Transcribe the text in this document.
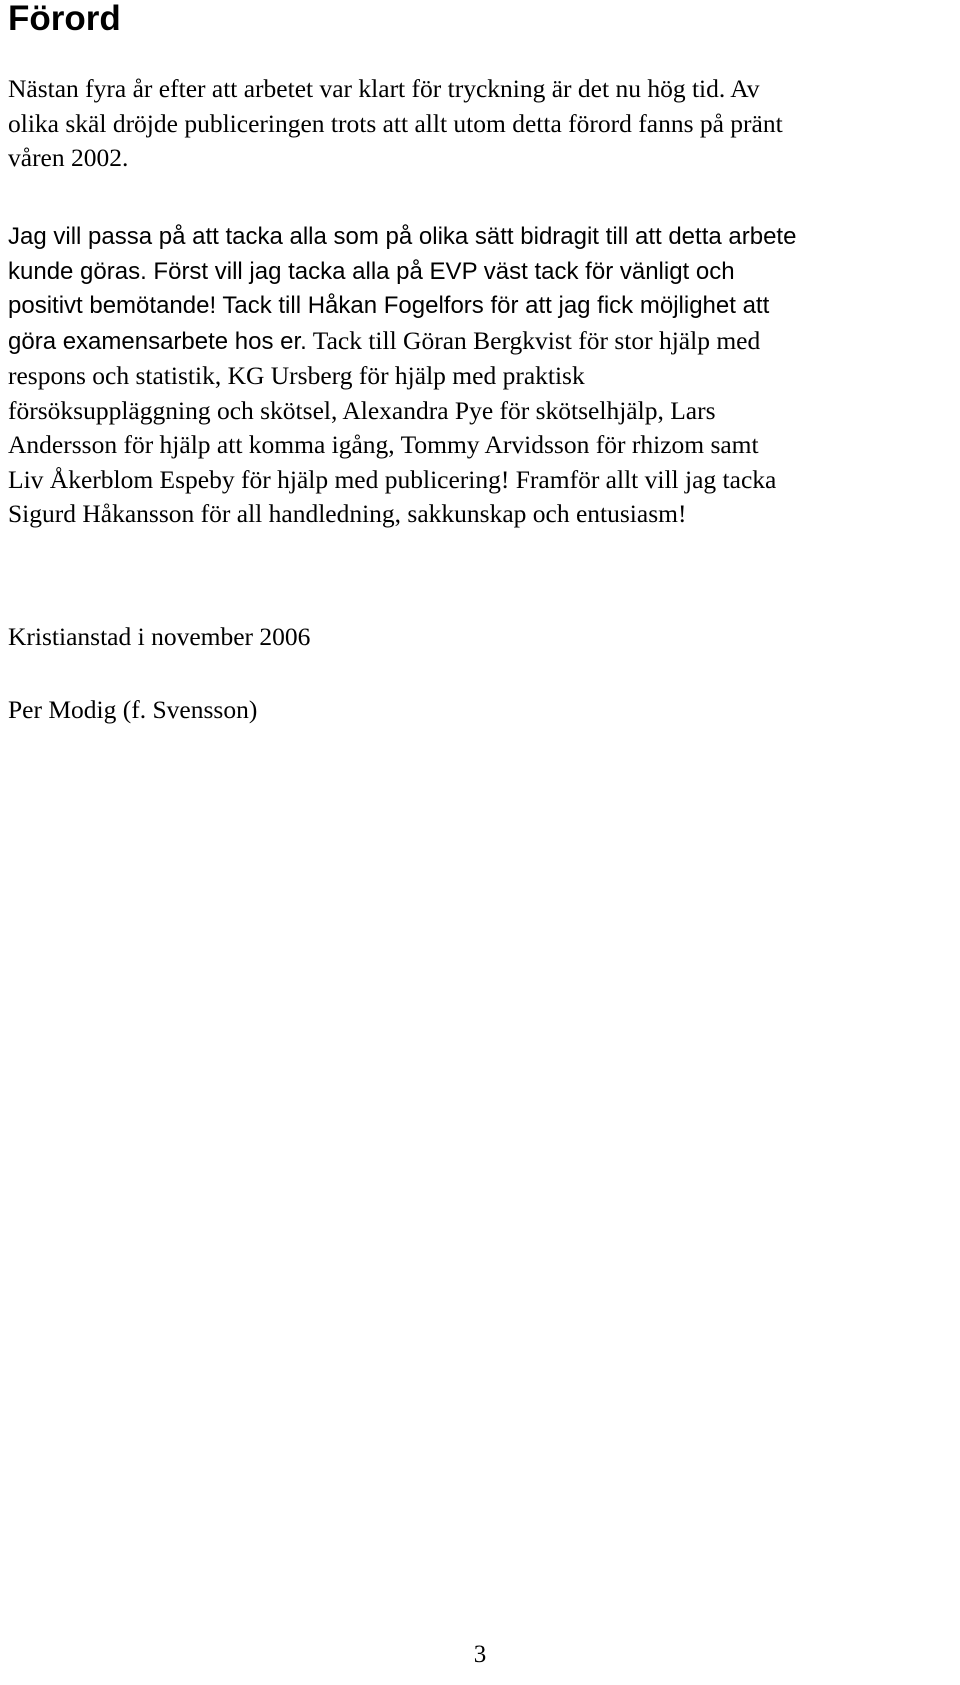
Förord

Nästan fyra år efter att arbetet var klart för tryckning är det nu hög tid. Av
olika skäl dröjde publiceringen trots att allt utom detta förord fanns på pränt
våren 2002.

Jag vill passa på att tacka alla som på olika sätt bidragit till att detta arbete
kunde göras. Först vill jag tacka alla på EVP väst tack för vänligt och
positivt bemötande! Tack till Håkan Fogelfors för att jag fick möjlighet att
göra examensarbete hos er. Tack till Göran Bergkvist för stor hjälp med
respons och statistik, KG Ursberg för hjälp med praktisk
försöksuppläggning och skötsel, Alexandra Pye för skötselhjälp, Lars
Andersson för hjälp att komma igång, Tommy Arvidsson för rhizom samt
Liv Åkerblom Espeby för hjälp med publicering! Framför allt vill jag tacka
Sigurd Håkansson för all handledning, sakkunskap och entusiasm!

Kristianstad i november 2006

Per Modig (f. Svensson)

3
